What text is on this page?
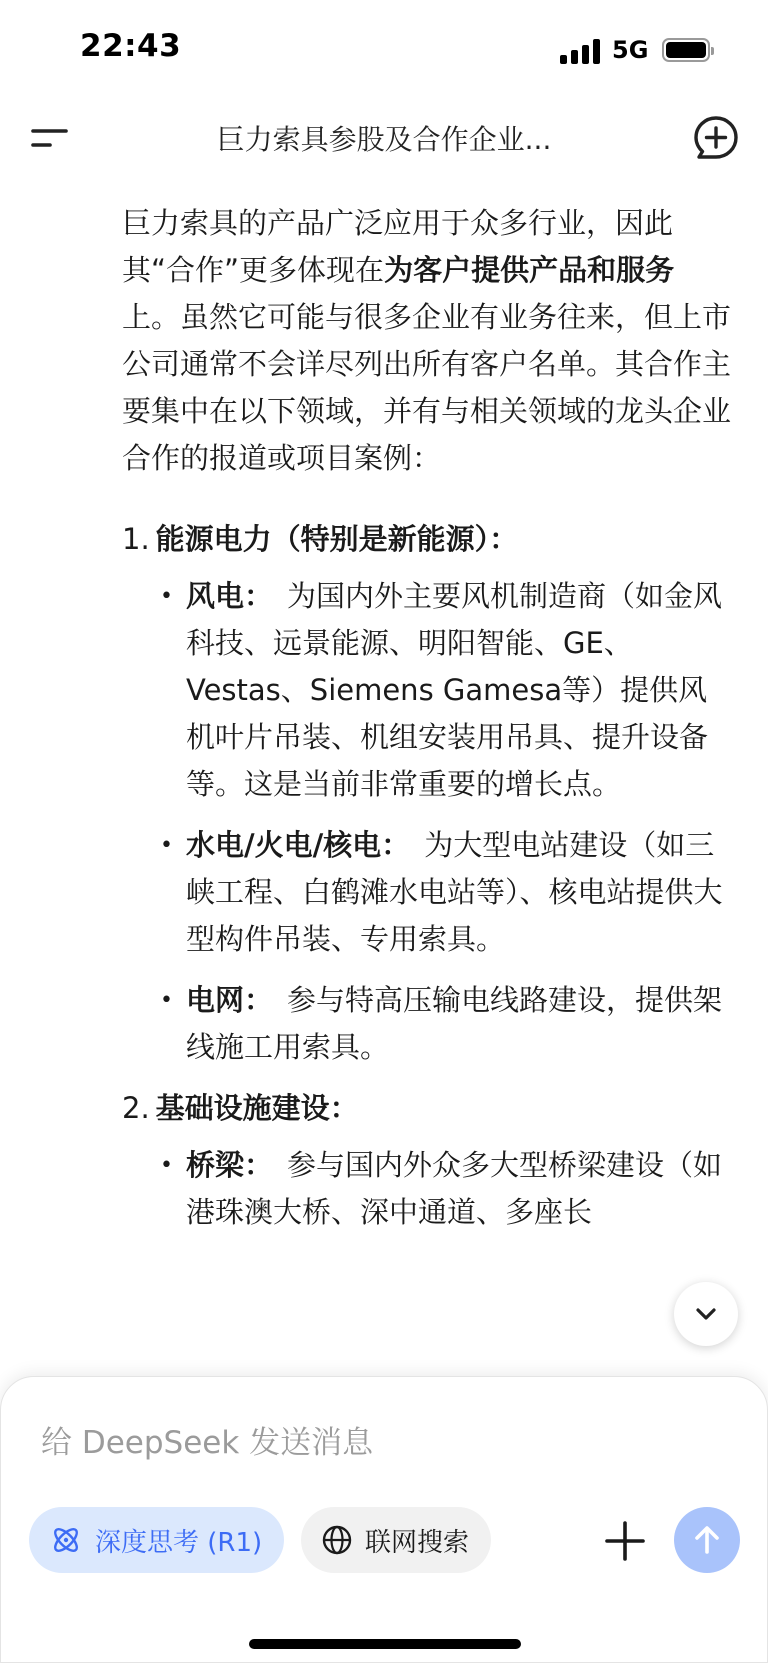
22:43	5G
巨力索具参股及合作企业...
巨力索具的产品广泛应用于众多行业，因此其“合作”更多体现在为客户提供产品和服务上。虽然它可能与很多企业有业务往来，但上市公司通常不会详尽列出所有客户名单。其合作主要集中在以下领域，并有与相关领域的龙头企业合作的报道或项目案例：
1. 能源电力（特别是新能源）：
• 风电： 为国内外主要风机制造商（如金风科技、远景能源、明阳智能、GE、Vestas、Siemens Gamesa等）提供风机叶片吊装、机组安装用吊具、提升设备等。这是当前非常重要的增长点。
• 水电/火电/核电： 为大型电站建设（如三峡工程、白鹤滩水电站等）、核电站提供大型构件吊装、专用索具。
• 电网： 参与特高压输电线路建设，提供架线施工用索具。
2. 基础设施建设：
• 桥梁： 参与国内外众多大型桥梁建设（如港珠澳大桥、深中通道、多座长
给 DeepSeek 发送消息
深度思考 (R1)	联网搜索
